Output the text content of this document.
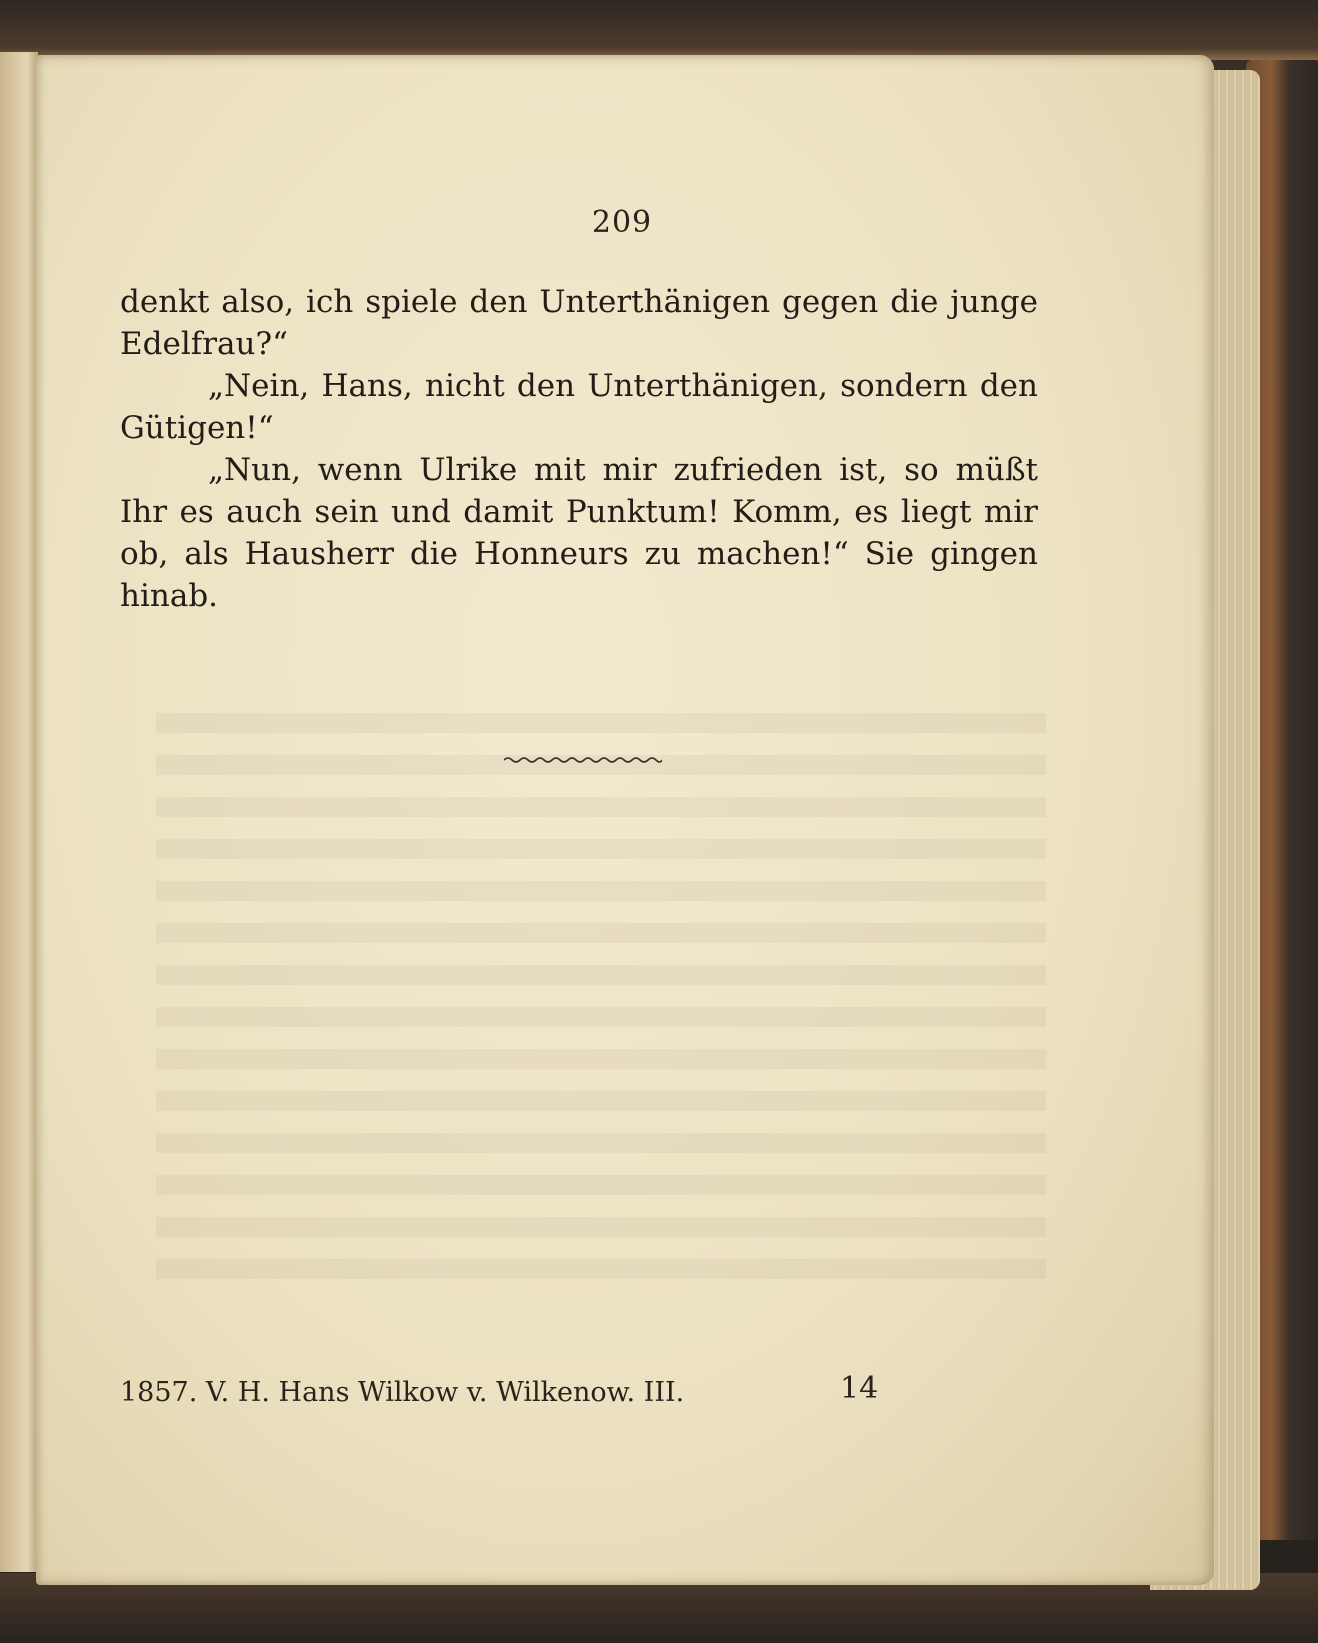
209

denkt also, ich spiele den Unterthänigen gegen die junge Edelfrau?“

„Nein, Hans, nicht den Unterthänigen, sondern den Gütigen!“

„Nun, wenn Ulrike mit mir zufrieden ist, so müßt Ihr es auch sein und damit Punktum! Komm, es liegt mir ob, als Hausherr die Honneurs zu machen!“ Sie gingen hinab.

1857. V. H. Hans Wilkow v. Wilkenow. III.	14
